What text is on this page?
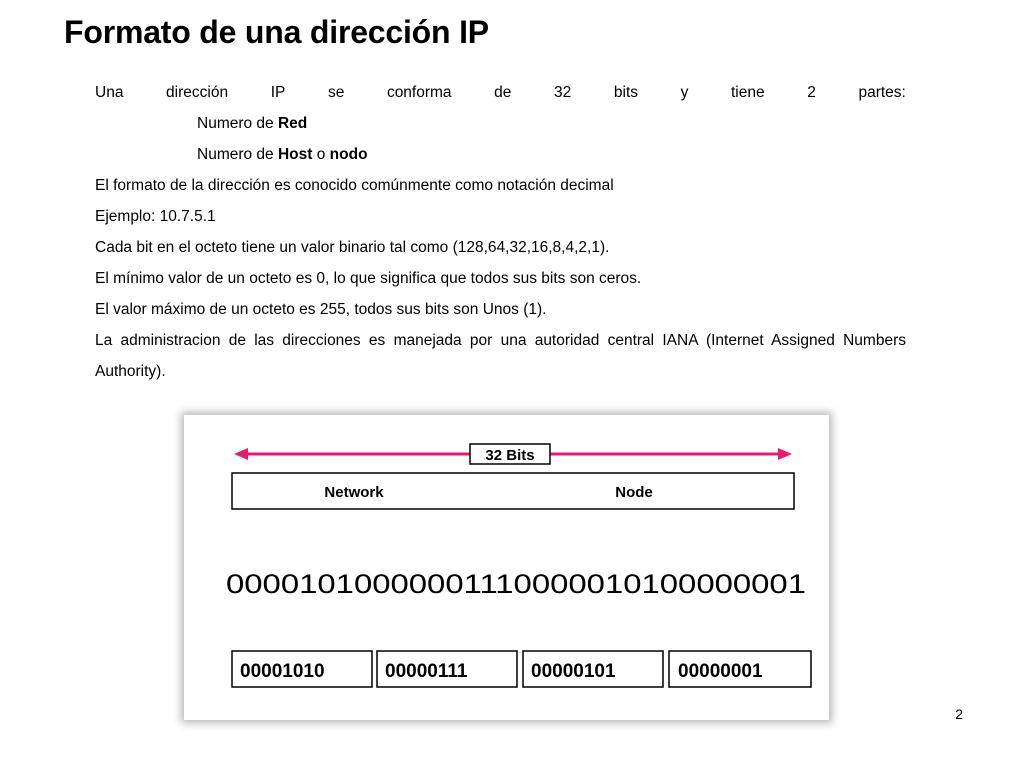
Formato de una dirección IP
Una	dirección	IP	se	conforma	de	32	bits	y	tiene	2	partes:
Numero de Red
Numero de Host o nodo
El formato de la dirección es conocido comúnmente como notación decimal
Ejemplo: 10.7.5.1
Cada bit en el octeto tiene un valor binario tal como (128,64,32,16,8,4,2,1).
El mínimo valor de un octeto es 0, lo que significa que todos sus bits son ceros.
El valor máximo de un octeto es 255, todos sus bits son Unos (1).
La administracion de las direcciones es manejada por una autoridad central IANA (Internet Assigned Numbers Authority).
32 Bits
Network	Node
00001010000001110000010100000001
00001010	00000111	00000101	00000001
2
